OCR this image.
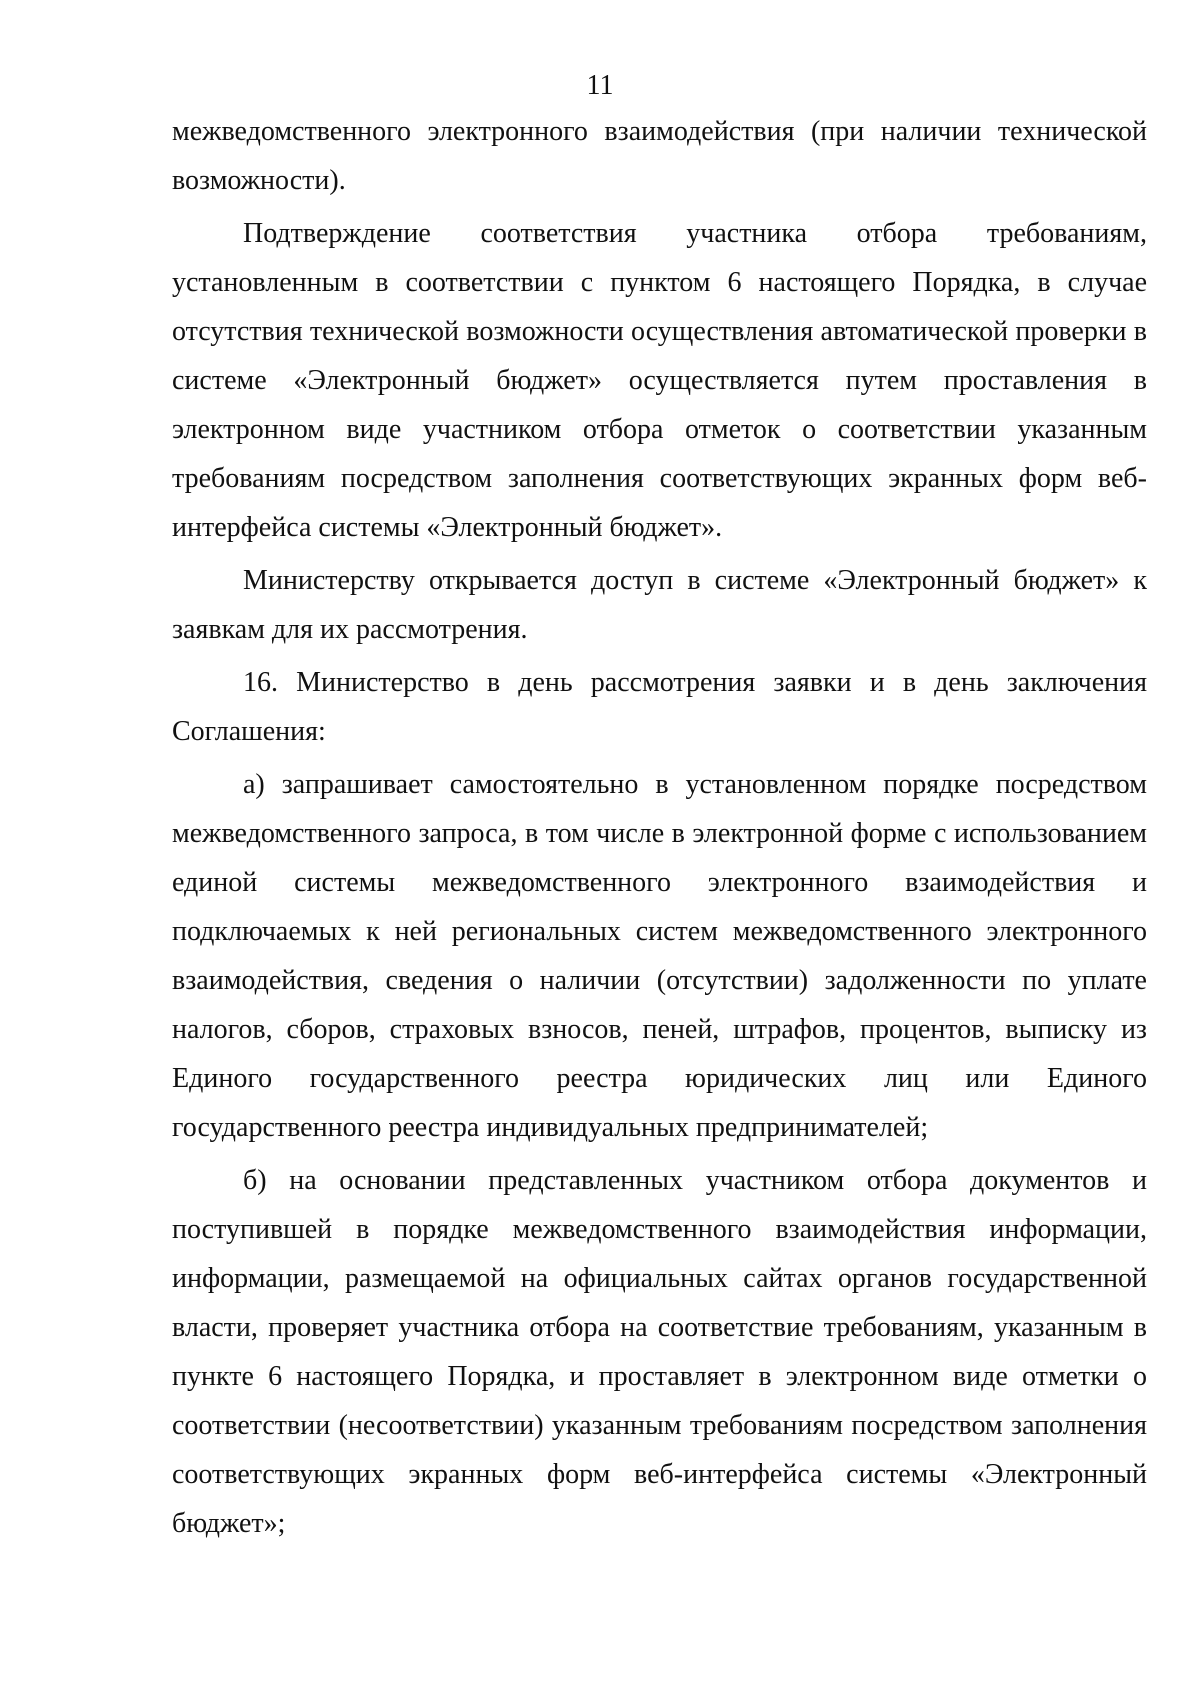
11

межведомственного электронного взаимодействия (при наличии технической возможности).

Подтверждение соответствия участника отбора требованиям, установленным в соответствии с пунктом 6 настоящего Порядка, в случае отсутствия технической возможности осуществления автоматической проверки в системе «Электронный бюджет» осуществляется путем проставления в электронном виде участником отбора отметок о соответствии указанным требованиям посредством заполнения соответствующих экранных форм веб-интерфейса системы «Электронный бюджет».

Министерству открывается доступ в системе «Электронный бюджет» к заявкам для их рассмотрения.

16. Министерство в день рассмотрения заявки и в день заключения Соглашения:

а) запрашивает самостоятельно в установленном порядке посредством межведомственного запроса, в том числе в электронной форме с использованием единой системы межведомственного электронного взаимодействия и подключаемых к ней региональных систем межведомственного электронного взаимодействия, сведения о наличии (отсутствии) задолженности по уплате налогов, сборов, страховых взносов, пеней, штрафов, процентов, выписку из Единого государственного реестра юридических лиц или Единого государственного реестра индивидуальных предпринимателей;

б) на основании представленных участником отбора документов и поступившей в порядке межведомственного взаимодействия информации, информации, размещаемой на официальных сайтах органов государственной власти, проверяет участника отбора на соответствие требованиям, указанным в пункте 6 настоящего Порядка, и проставляет в электронном виде отметки о соответствии (несоответствии) указанным требованиям посредством заполнения соответствующих экранных форм веб-интерфейса системы «Электронный бюджет»;
